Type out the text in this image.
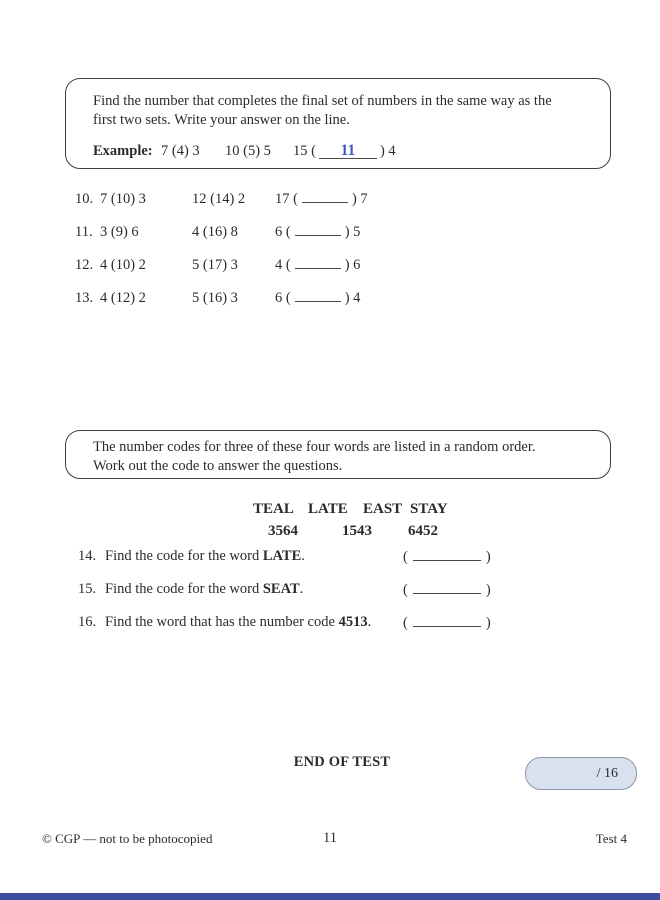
Find the number that completes the final set of numbers in the same way as the
first two sets. Write your answer on the line.
Example: 7 (4) 3	10 (5) 5	15 (	11	) 4
10. 7 (10) 3	12 (14) 2	17 (	) 7
11. 3 (9) 6	4 (16) 8	6 (	) 5
12. 4 (10) 2	5 (17) 3	4 (	) 6
13. 4 (12) 2	5 (16) 3	6 (	) 4
The number codes for three of these four words are listed in a random order.
Work out the code to answer the questions.
TEAL LATE EAST STAY
3564	1543 6452
14. Find the code for the word LATE.	(	)
15. Find the code for the word SEAT.	(	)
16. Find the word that has the number code 4513. (	)
END OF TEST
/ 16
© CGP — not to be photocopied	11	Test 4
